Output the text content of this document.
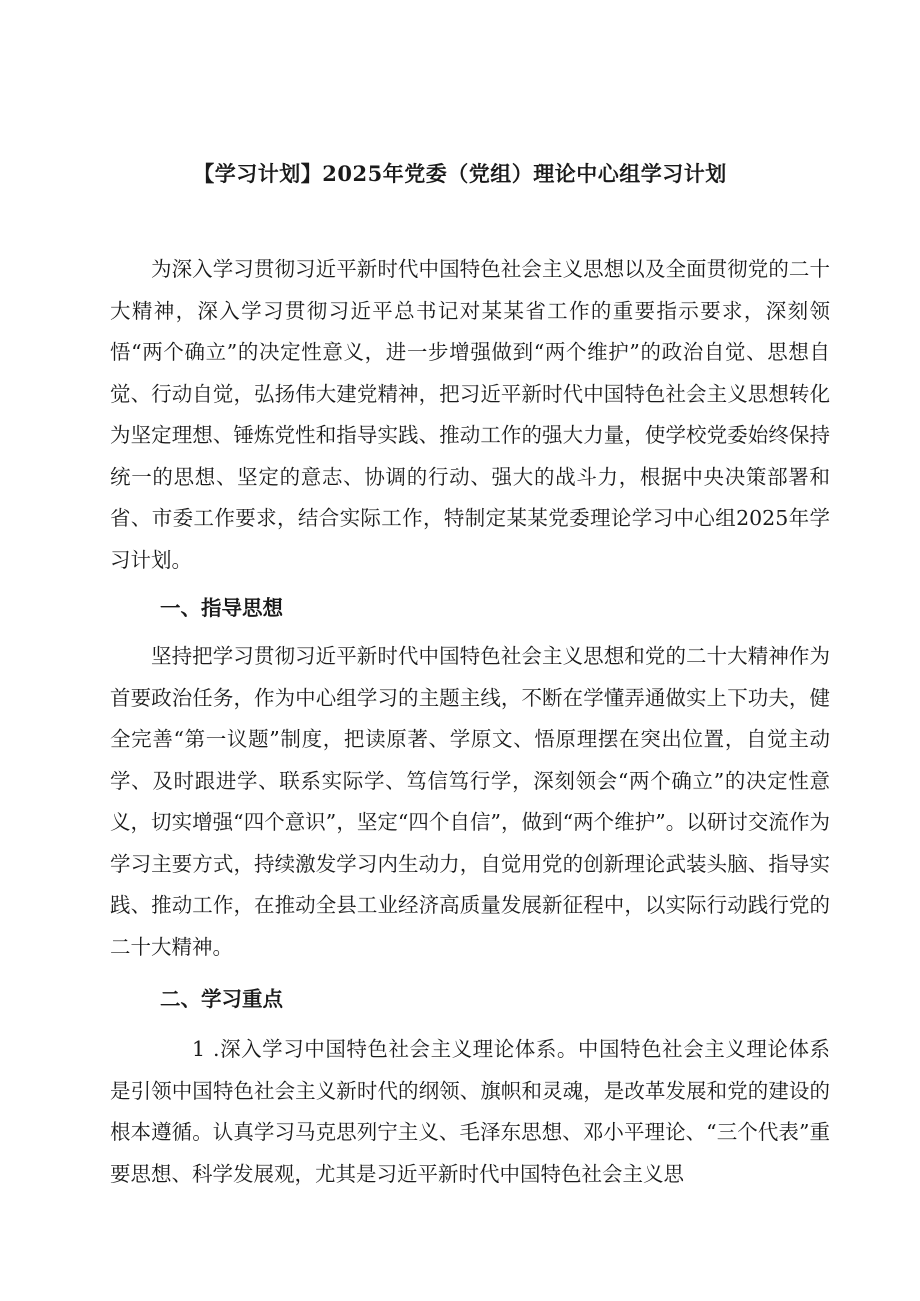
【学习计划】2025年党委（党组）理论中心组学习计划

为深入学习贯彻习近平新时代中国特色社会主义思想以及全面贯彻党的二十大精神，深入学习贯彻习近平总书记对某某省工作的重要指示要求，深刻领悟“两个确立”的决定性意义，进一步增强做到“两个维护”的政治自觉、思想自觉、行动自觉，弘扬伟大建党精神，把习近平新时代中国特色社会主义思想转化为坚定理想、锤炼党性和指导实践、推动工作的强大力量，使学校党委始终保持统一的思想、坚定的意志、协调的行动、强大的战斗力，根据中央决策部署和省、市委工作要求，结合实际工作，特制定某某党委理论学习中心组2025年学习计划。

一、指导思想

坚持把学习贯彻习近平新时代中国特色社会主义思想和党的二十大精神作为首要政治任务，作为中心组学习的主题主线，不断在学懂弄通做实上下功夫，健全完善“第一议题”制度，把读原著、学原文、悟原理摆在突出位置，自觉主动学、及时跟进学、联系实际学、笃信笃行学，深刻领会“两个确立”的决定性意义，切实增强“四个意识”，坚定“四个自信”，做到“两个维护”。以研讨交流作为学习主要方式，持续激发学习内生动力，自觉用党的创新理论武装头脑、指导实践、推动工作，在推动全县工业经济高质量发展新征程中，以实际行动践行党的二十大精神。

二、学习重点

1 .深入学习中国特色社会主义理论体系。中国特色社会主义理论体系是引领中国特色社会主义新时代的纲领、旗帜和灵魂，是改革发展和党的建设的根本遵循。认真学习马克思列宁主义、毛泽东思想、邓小平理论、“三个代表”重要思想、科学发展观，尤其是习近平新时代中国特色社会主义思
